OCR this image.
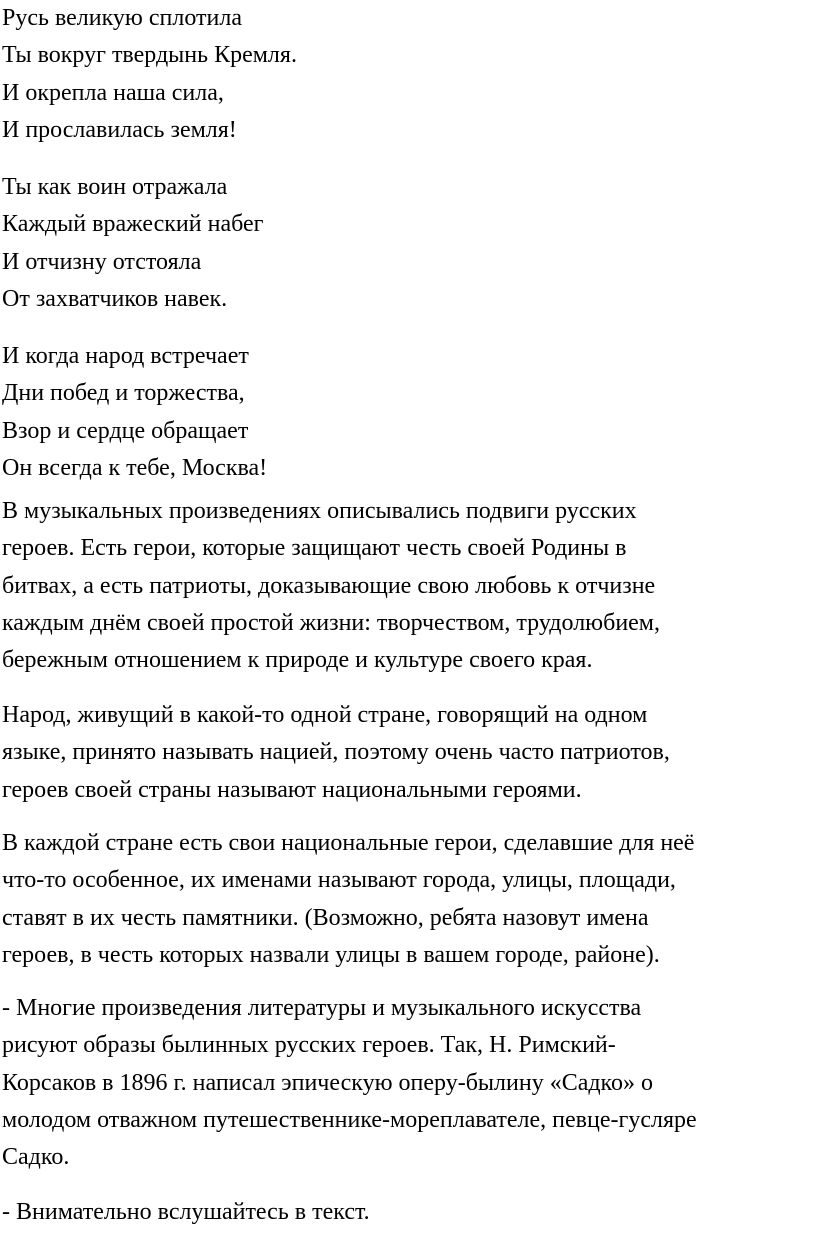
Русь великую сплотила
Ты вокруг твердынь Кремля.
И окрепла наша сила,
И прославилась земля!
Ты как воин отражала
Каждый вражеский набег
И отчизну отстояла
От захватчиков навек.
И когда народ встречает
Дни побед и торжества,
Взор и сердце обращает
Он всегда к тебе, Москва!
В музыкальных произведениях описывались подвиги русских
героев. Есть герои, которые защищают честь своей Родины в
битвах, а есть патриоты, доказывающие свою любовь к отчизне
каждым днём своей простой жизни: творчеством, трудолюбием,
бережным отношением к природе и культуре своего края.
Народ, живущий в какой-то одной стране, говорящий на одном
языке, принято называть нацией, поэтому очень часто патриотов,
героев своей страны называют национальными героями.
В каждой стране есть свои национальные герои, сделавшие для неё
что-то особенное, их именами называют города, улицы, площади,
ставят в их честь памятники. (Возможно, ребята назовут имена
героев, в честь которых назвали улицы в вашем городе, районе).
- Многие произведения литературы и музыкального искусства
рисуют образы былинных русских героев. Так, Н. Римский-
Корсаков в 1896 г. написал эпическую оперу-былину «Садко» о
молодом отважном путешественнике-мореплавателе, певце-гусляре
Садко.
- Внимательно вслушайтесь в текст.
